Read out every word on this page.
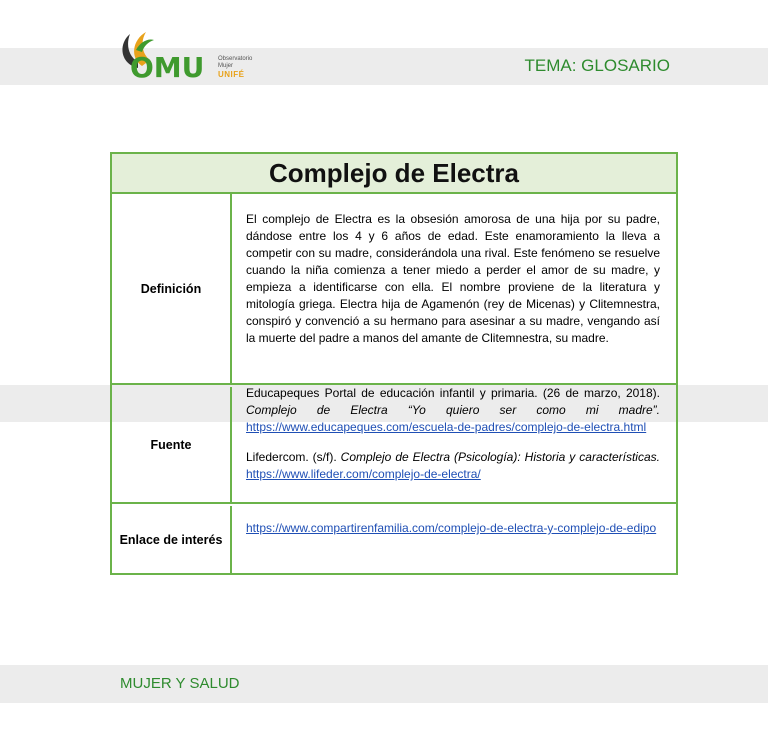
OMU Observatorio
Mujer
UNIFÉ	TEMA: GLOSARIO
Complejo de Electra
Definición

El complejo de Electra es la obsesión amorosa de una hija por su padre, dándose entre los 4 y 6 años de edad. Este enamoramiento la lleva a competir con su madre, considerándola una rival. Este fenómeno se resuelve cuando la niña comienza a tener miedo a perder el amor de su madre, y empieza a identificarse con ella. El nombre proviene de la literatura y mitología griega. Electra hija de Agamenón (rey de Micenas) y Clitemnestra, conspiró y convenció a su hermano para asesinar a su madre, vengando así la muerte del padre a manos del amante de Clitemnestra, su madre.

Fuente

Educapeques Portal de educación infantil y primaria. (26 de marzo, 2018). Complejo de Electra “Yo quiero ser como mi madre”. https://www.educapeques.com/escuela-de-padres/complejo-de-electra.html

Lifedercom. (s/f). Complejo de Electra (Psicología): Historia y características. https://www.lifeder.com/complejo-de-electra/

Enlace de interés
https://www.compartirenfamilia.com/complejo-de-electra-y-complejo-de-edipo
MUJER Y SALUD
